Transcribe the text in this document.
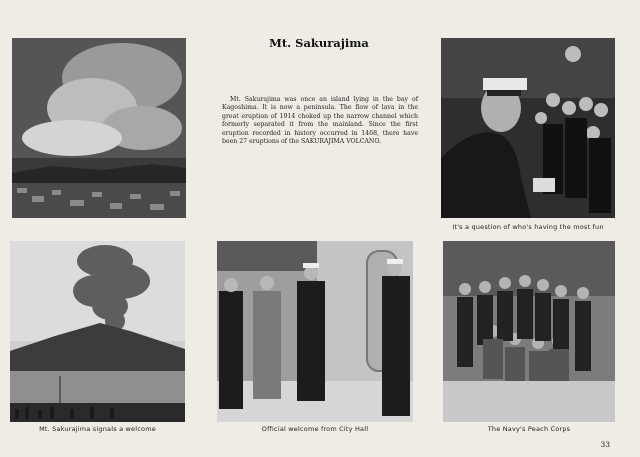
Mt. Sakurajima
Mt. Sakurajima was once an island lying in the bay of Kagoshima. It is now a peninsula. The flow of lava in the great eruption of 1914 choked up the narrow channel which formerly separated it from the mainland. Since the first eruption recorded in history occurred in 1468, there have been 27 eruptions of the SAKURAJIMA VOLCANO.
It's a question of who's having the most fun
Mt. Sakurajima signals a welcome	Official welcome from City Hall	The Navy's Peach Corps
33
